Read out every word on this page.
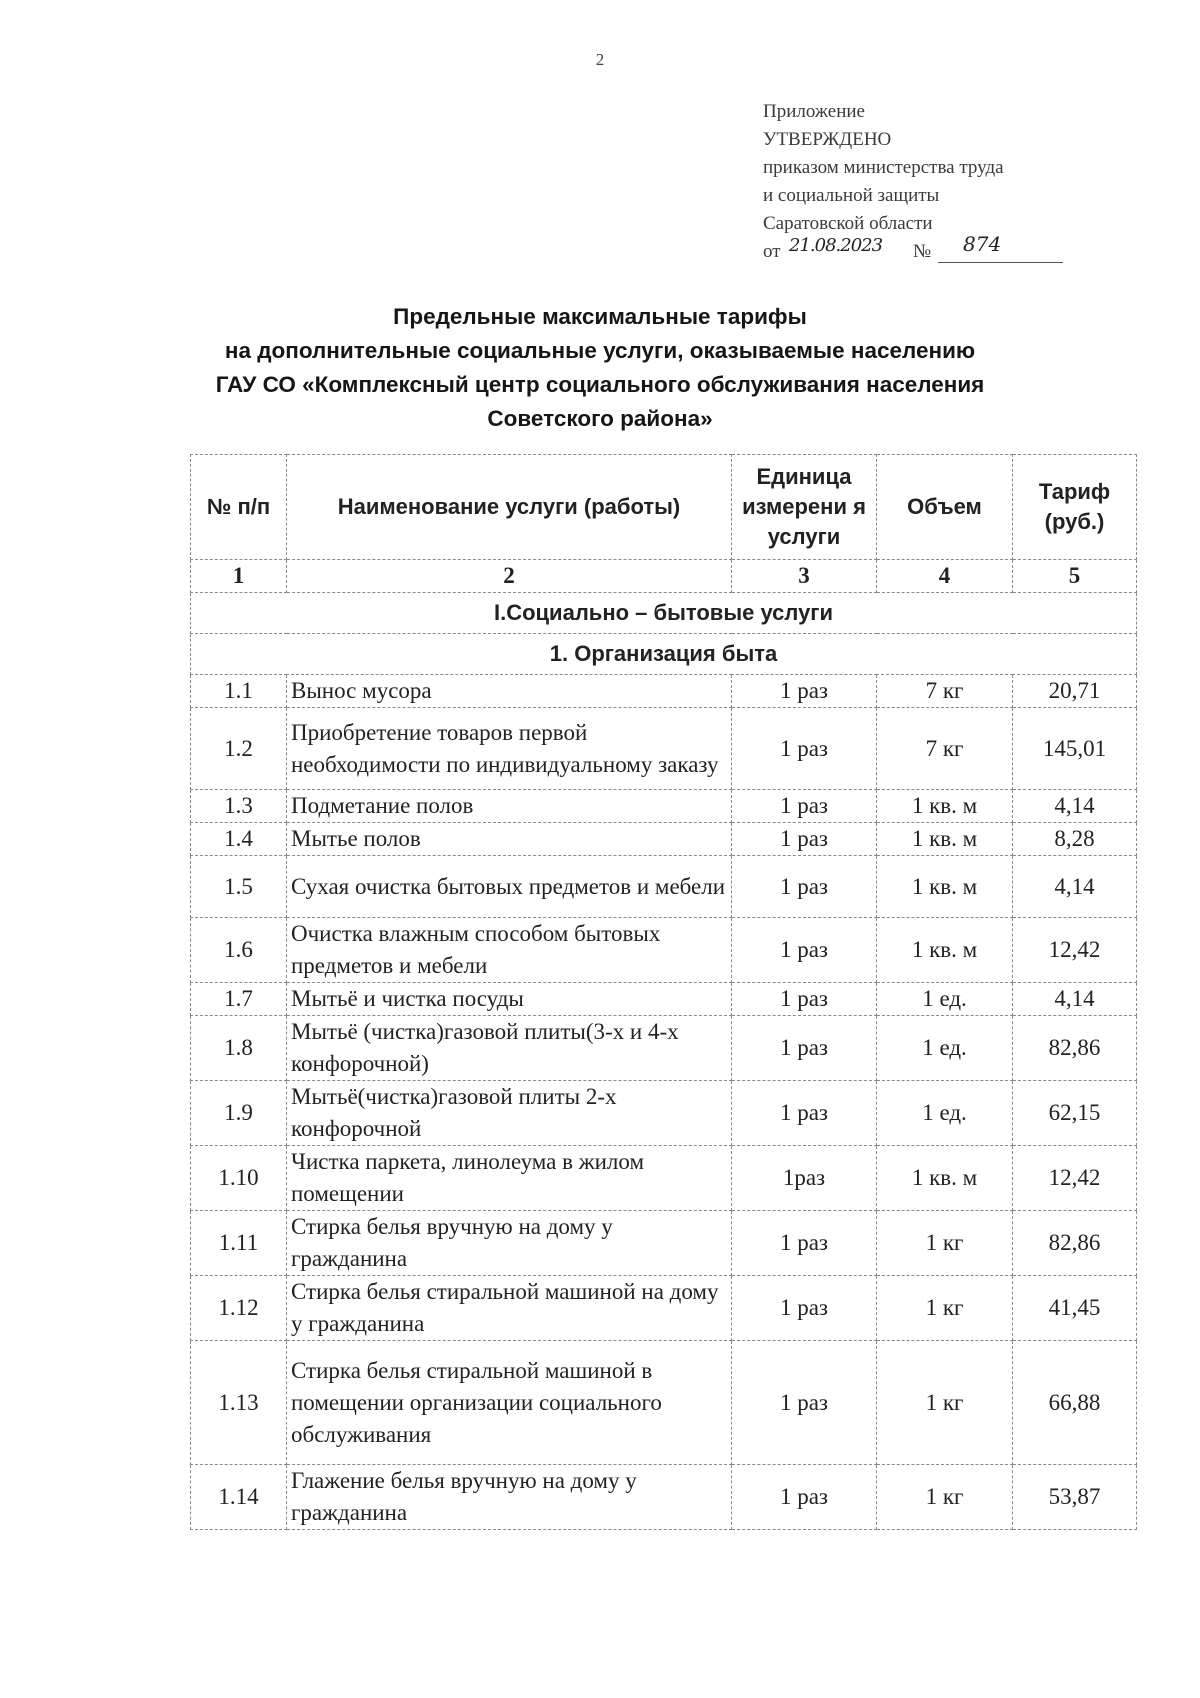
2
Приложение
УТВЕРЖДЕНО
приказом министерства труда
и социальной защиты
Саратовской области
от 21.08.2023 № 874
Предельные максимальные тарифы
на дополнительные социальные услуги, оказываемые населению
ГАУ СО «Комплексный центр социального обслуживания населения
Советского района»
№ п/п	Наименование услуги (работы)	Единица измерени я услуги	Объем	Тариф (руб.)
1	2	3	4	5
I.Социально – бытовые услуги				
1. Организация быта				
1.1	Вынос мусора	1 раз	7 кг	20,71
1.2	Приобретение товаров первой необходимости по индивидуальному заказу	1 раз	7 кг	145,01
1.3	Подметание полов	1 раз	1 кв. м	4,14
1.4	Мытье полов	1 раз	1 кв. м	8,28
1.5	Сухая очистка бытовых предметов и мебели	1 раз	1 кв. м	4,14
1.6	Очистка влажным способом бытовых предметов и мебели	1 раз	1 кв. м	12,42
1.7	Мытьё и чистка посуды	1 раз	1 ед.	4,14
1.8	Мытьё (чистка)газовой плиты(3-х и 4-х конфорочной)	1 раз	1 ед.	82,86
1.9	Мытьё(чистка)газовой плиты 2-х конфорочной	1 раз	1 ед.	62,15
1.10	Чистка паркета, линолеума в жилом помещении	1раз	1 кв. м	12,42
1.11	Стирка белья вручную на дому у гражданина	1 раз	1 кг	82,86
1.12	Стирка белья стиральной машиной на дому у гражданина	1 раз	1 кг	41,45
1.13	Стирка белья стиральной машиной в помещении организации социального обслуживания	1 раз	1 кг	66,88
1.14	Глажение белья вручную на дому у гражданина	1 раз	1 кг	53,87
